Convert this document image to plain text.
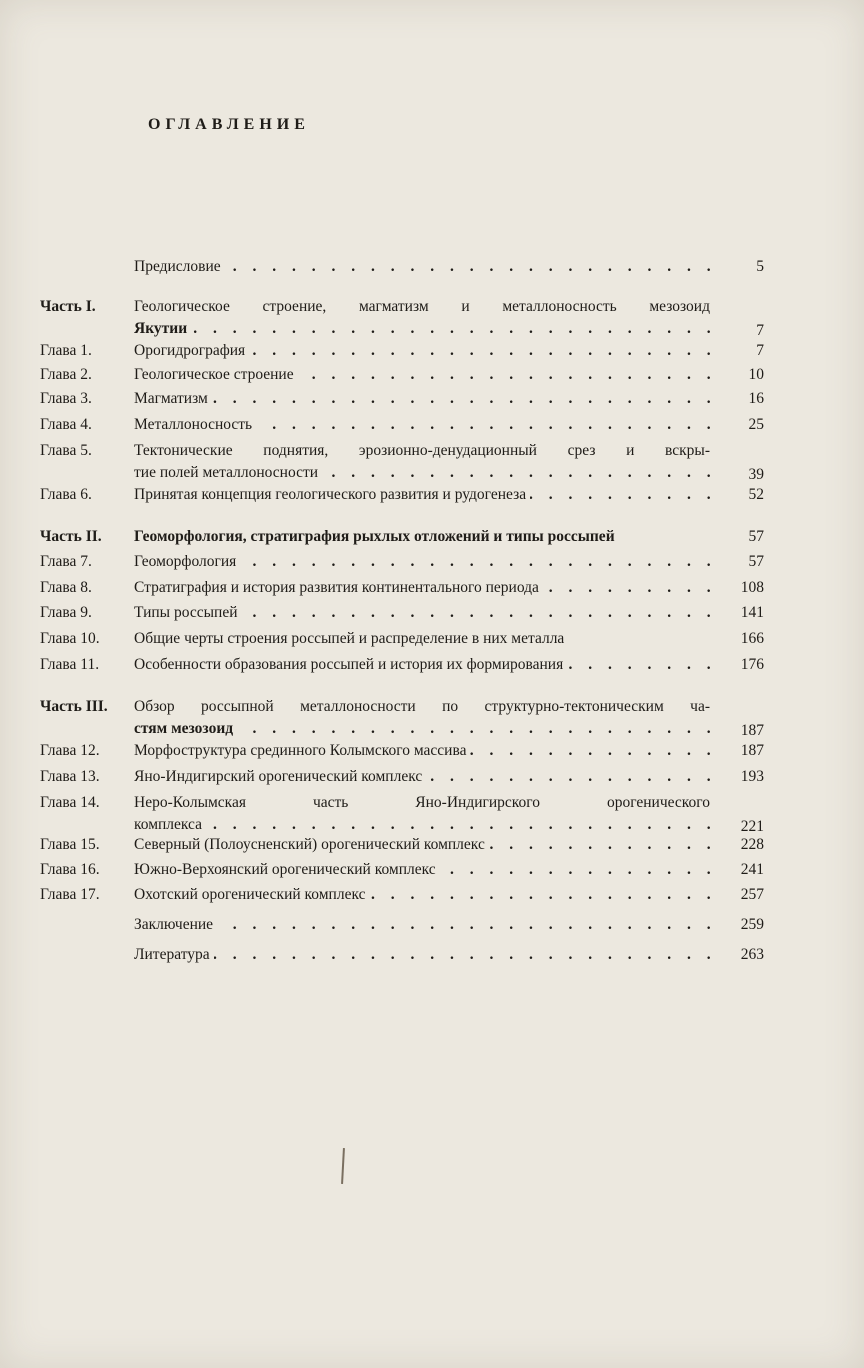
ОГЛАВЛЕНИЕ
Предисловие . . .	5
Часть I. Геологическое строение, магматизм и металлоносность мезозоид
Якутии . . .	7
Глава 1.	Орогидрография . . .	7
Глава 2.	Геологическое строение . . .	10
Глава 3.	Магматизм . . .	16
Глава 4.	Металлоносность . . .	25
Глава 5.	Тектонические поднятия, эрозионно-денудационный срез и вскры-
тие полей металлоносности . . .	39
Глава 6.	Принятая концепция геологического развития и рудогенеза . . .	52
Часть II. Геоморфология, стратиграфия рыхлых отложений и типы россыпей	57
Глава 7.	Геоморфология . . .	57
Глава 8.	Стратиграфия и история развития континентального периода . . .	108
Глава 9.	Типы россыпей . . .	141
Глава 10. Общие черты строения россыпей и распределение в них металла	166
Глава 11. Особенности образования россыпей и история их формирования . . .	176
Часть III. Обзор россыпной металлоносности по структурно-тектоническим ча-
стям мезозоид . . .	187
Глава 12. Морфоструктура срединного Колымского массива . . .	187
Глава 13. Яно-Индигирский орогенический комплекс . . .	193
Глава 14. Неро-Колымская часть Яно-Индигирского орогенического
комплекса . . .	221
Глава 15. Северный (Полоусненский) орогенический комплекс . . .	228
Глава 16. Южно-Верхоянский орогенический комплекс . . .	241
Глава 17. Охотский орогенический комплекс . . .	257
Заключение . . .	259
Литература . . .	263
